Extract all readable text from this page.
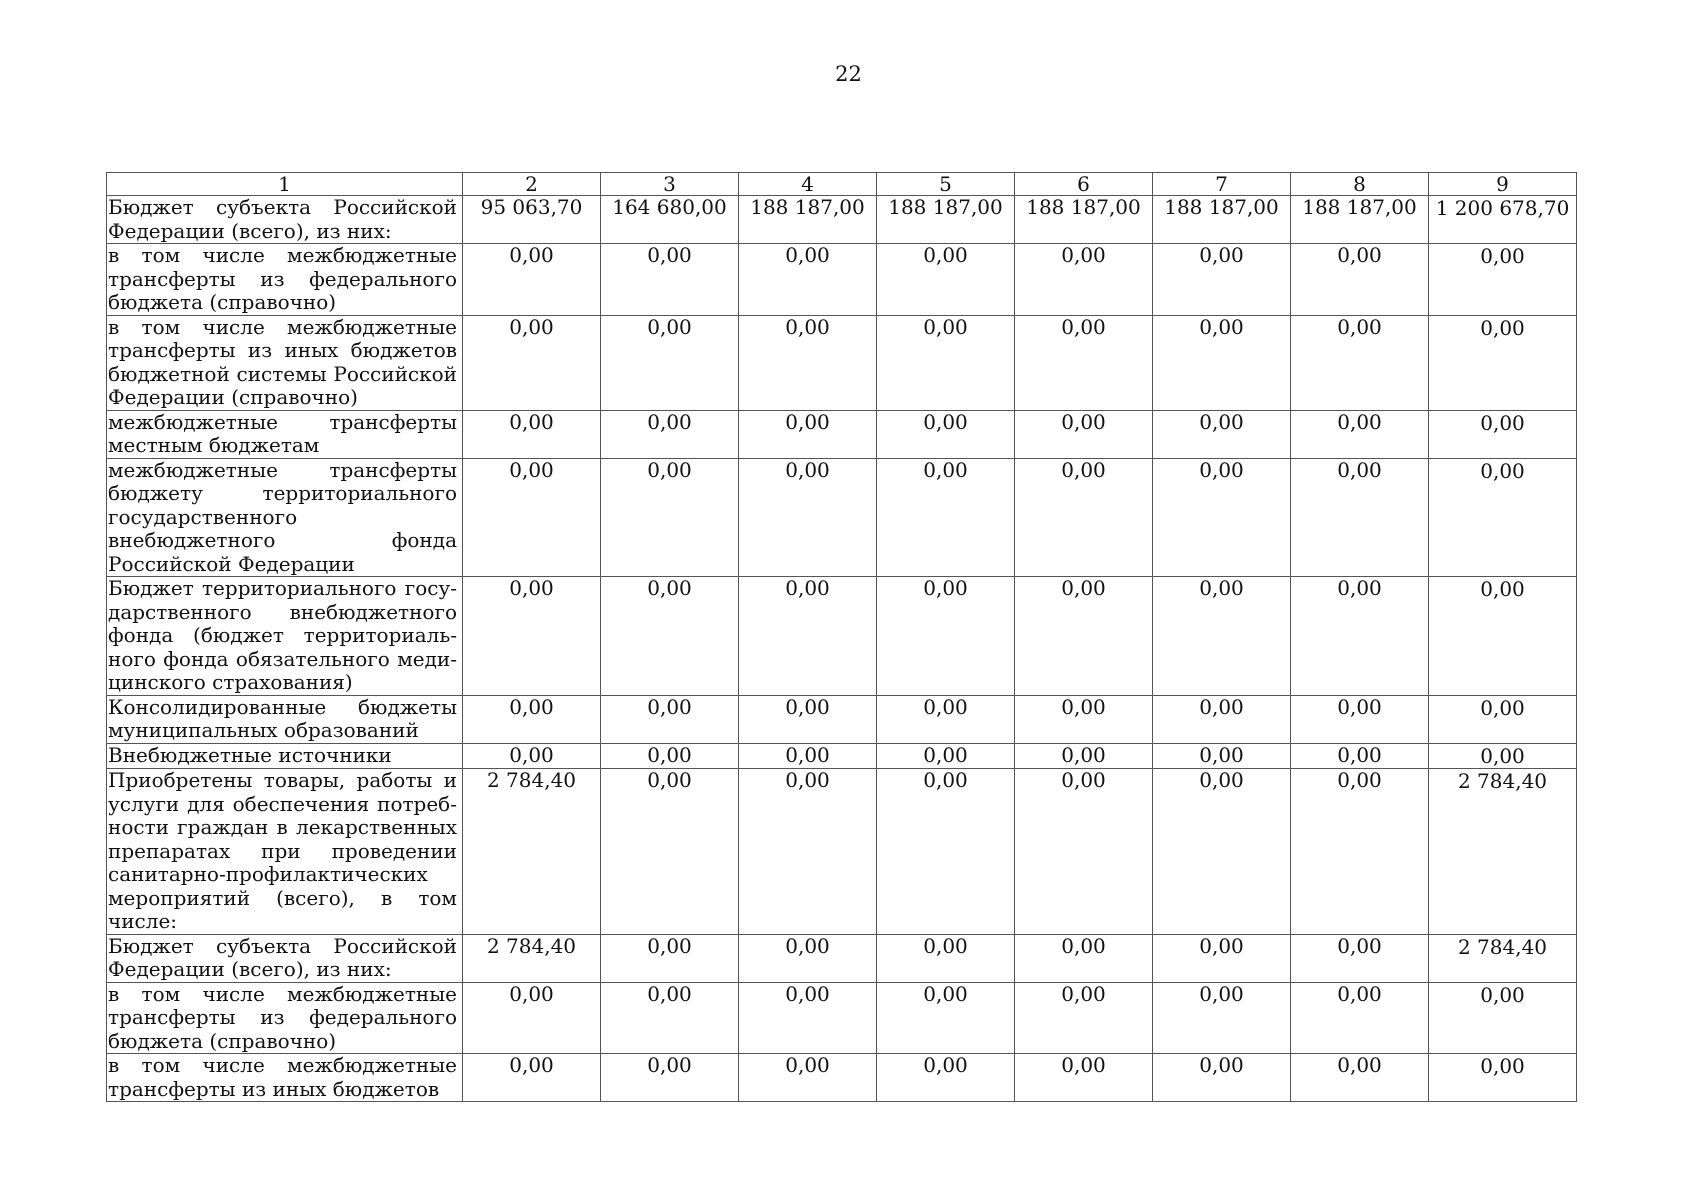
22
1	2	3	4	5	6	7	8	9
Бюджет субъекта Российской Федерации (всего), из них:	95 063,70	164 680,00	188 187,00	188 187,00	188 187,00	188 187,00	188 187,00	1 200 678,70
в том числе межбюджетные трансферты из федерального бюджета (справочно)	0,00	0,00	0,00	0,00	0,00	0,00	0,00	0,00
в том числе межбюджетные трансферты из иных бюджетов бюджетной системы Российской Федерации (справочно)	0,00	0,00	0,00	0,00	0,00	0,00	0,00	0,00
межбюджетные трансферты местным бюджетам	0,00	0,00	0,00	0,00	0,00	0,00	0,00	0,00
межбюджетные трансферты бюджету территориального государственного внебюджетного фонда Российской Федерации	0,00	0,00	0,00	0,00	0,00	0,00	0,00	0,00
Бюджет территориального государственного внебюджетного фонда (бюджет территориального фонда обязательного медицинского страхования)	0,00	0,00	0,00	0,00	0,00	0,00	0,00	0,00
Консолидированные бюджеты муниципальных образований	0,00	0,00	0,00	0,00	0,00	0,00	0,00	0,00
Внебюджетные источники	0,00	0,00	0,00	0,00	0,00	0,00	0,00	0,00
Приобретены товары, работы и услуги для обеспечения потребности граждан в лекарственных препаратах при проведении санитарно-профилактических мероприятий (всего), в том числе:	2 784,40	0,00	0,00	0,00	0,00	0,00	0,00	2 784,40
Бюджет субъекта Российской Федерации (всего), из них:	2 784,40	0,00	0,00	0,00	0,00	0,00	0,00	2 784,40
в том числе межбюджетные трансферты из федерального бюджета (справочно)	0,00	0,00	0,00	0,00	0,00	0,00	0,00	0,00
в том числе межбюджетные трансферты из иных бюджетов	0,00	0,00	0,00	0,00	0,00	0,00	0,00	0,00
